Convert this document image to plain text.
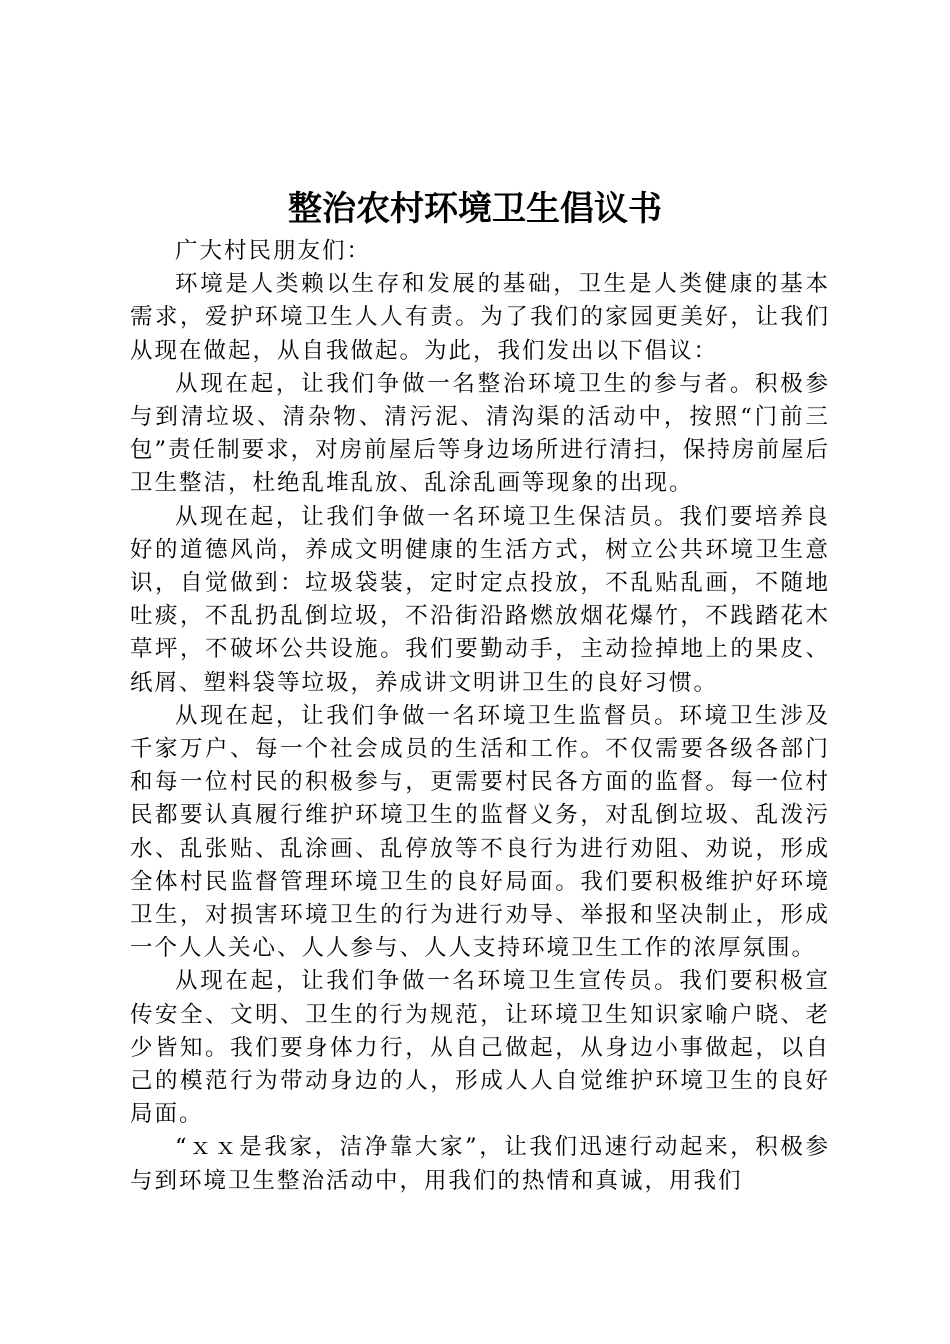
整治农村环境卫生倡议书

广大村民朋友们：

环境是人类赖以生存和发展的基础，卫生是人类健康的基本需求，爱护环境卫生人人有责。为了我们的家园更美好，让我们从现在做起，从自我做起。为此，我们发出以下倡议：

从现在起，让我们争做一名整治环境卫生的参与者。积极参与到清垃圾、清杂物、清污泥、清沟渠的活动中，按照“门前三包”责任制要求，对房前屋后等身边场所进行清扫，保持房前屋后卫生整洁，杜绝乱堆乱放、乱涂乱画等现象的出现。

从现在起，让我们争做一名环境卫生保洁员。我们要培养良好的道德风尚，养成文明健康的生活方式，树立公共环境卫生意识，自觉做到：垃圾袋装，定时定点投放，不乱贴乱画，不随地吐痰，不乱扔乱倒垃圾，不沿街沿路燃放烟花爆竹，不践踏花木草坪，不破坏公共设施。我们要勤动手，主动捡掉地上的果皮、纸屑、塑料袋等垃圾，养成讲文明讲卫生的良好习惯。

从现在起，让我们争做一名环境卫生监督员。环境卫生涉及千家万户、每一个社会成员的生活和工作。不仅需要各级各部门和每一位村民的积极参与，更需要村民各方面的监督。每一位村民都要认真履行维护环境卫生的监督义务，对乱倒垃圾、乱泼污水、乱张贴、乱涂画、乱停放等不良行为进行劝阻、劝说，形成全体村民监督管理环境卫生的良好局面。我们要积极维护好环境卫生，对损害环境卫生的行为进行劝导、举报和坚决制止，形成一个人人关心、人人参与、人人支持环境卫生工作的浓厚氛围。

从现在起，让我们争做一名环境卫生宣传员。我们要积极宣传安全、文明、卫生的行为规范，让环境卫生知识家喻户晓、老少皆知。我们要身体力行，从自己做起，从身边小事做起，以自己的模范行为带动身边的人，形成人人自觉维护环境卫生的良好局面。

“ｘｘ是我家，洁净靠大家”，让我们迅速行动起来，积极参与到环境卫生整治活动中，用我们的热情和真诚，用我们
